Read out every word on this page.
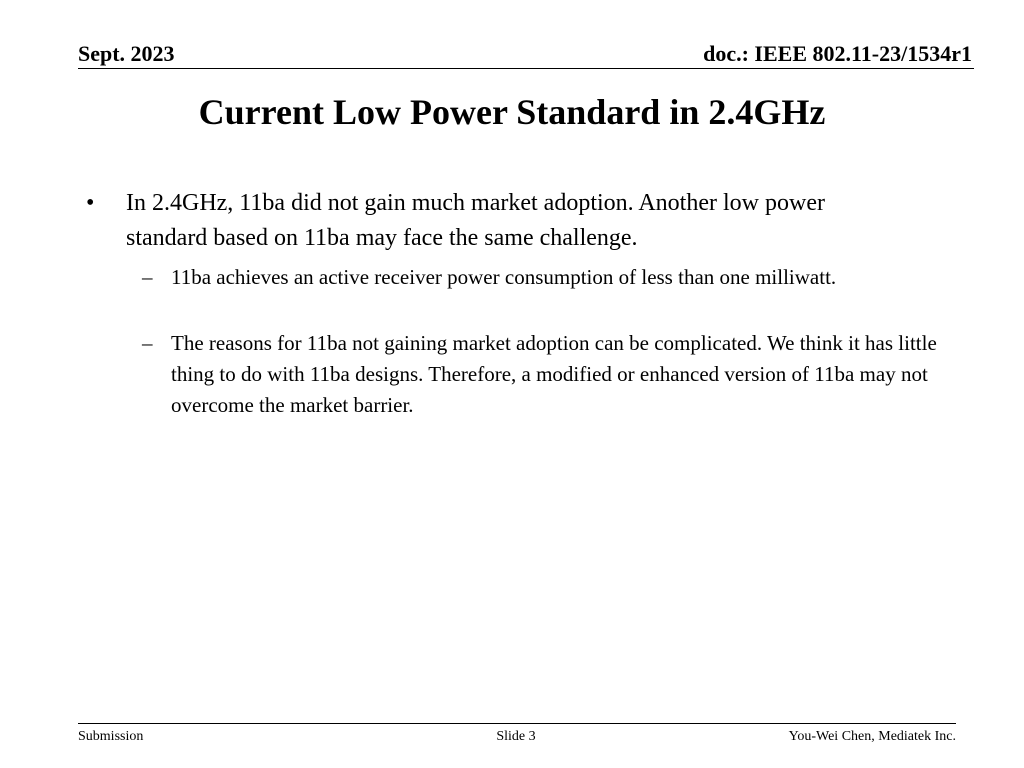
Sept. 2023	doc.: IEEE 802.11-23/1534r1
Current Low Power Standard in 2.4GHz
• In 2.4GHz, 11ba did not gain much market adoption. Another low power standard based on 11ba may face the same challenge.
– 11ba achieves an active receiver power consumption of less than one milliwatt.
– The reasons for 11ba not gaining market adoption can be complicated. We think it has little thing to do with 11ba designs. Therefore, a modified or enhanced version of 11ba may not overcome the market barrier.
Submission	Slide 3	You-Wei Chen, Mediatek Inc.
